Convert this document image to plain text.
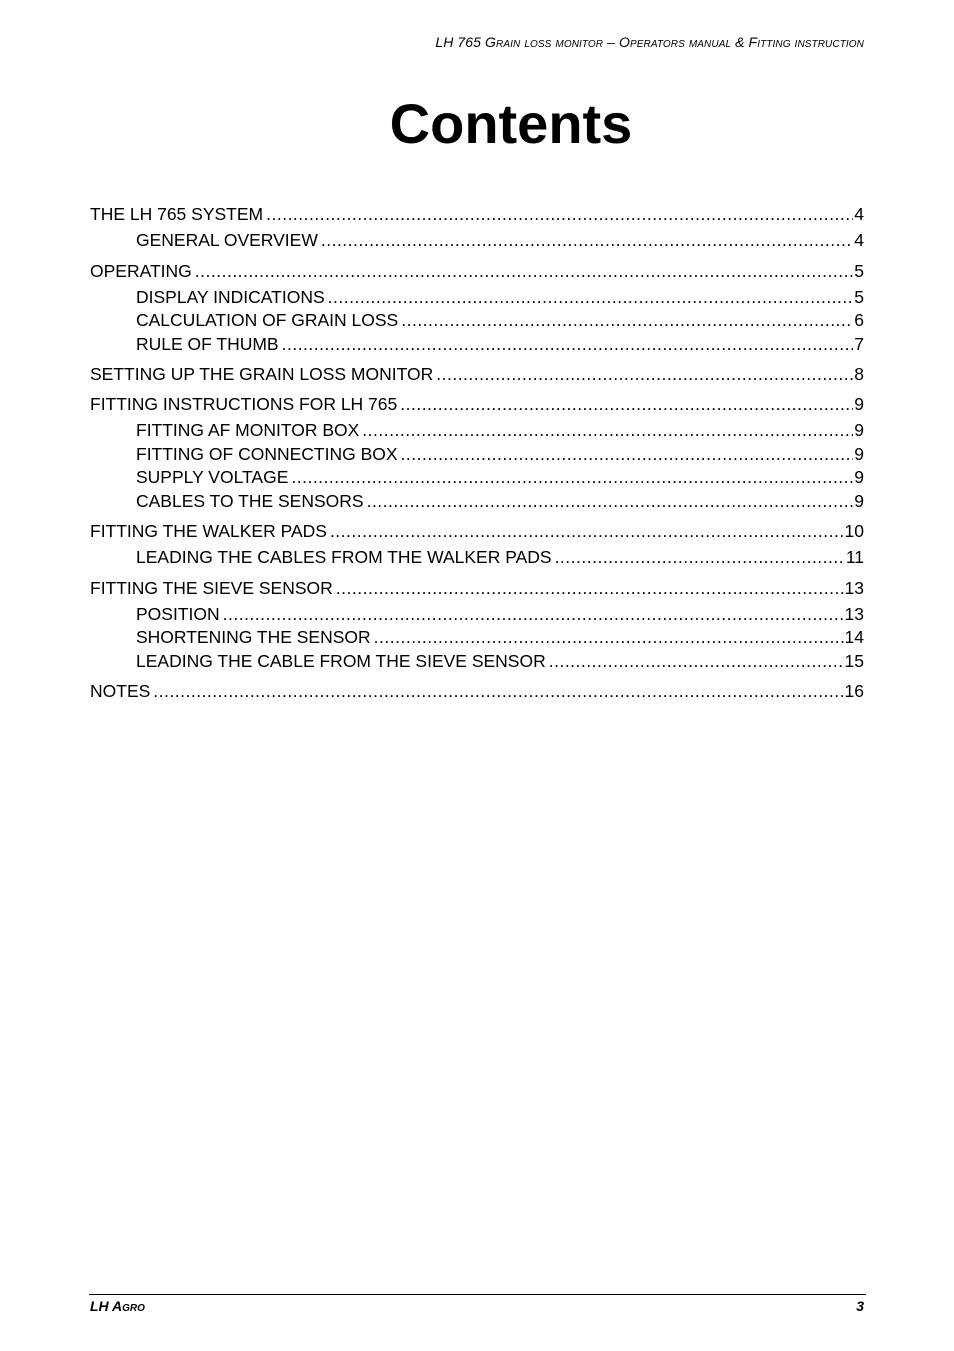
LH 765 Grain loss monitor – Operators manual & Fitting instruction
Contents
THE LH 765 SYSTEM .....	4
GENERAL OVERVIEW .....	4
OPERATING .....	5
DISPLAY INDICATIONS .....	5
CALCULATION OF GRAIN LOSS .....	6
RULE OF THUMB .....	7
SETTING UP THE GRAIN LOSS MONITOR .....	8
FITTING INSTRUCTIONS FOR LH 765 .....	9
FITTING AF MONITOR BOX .....	9
FITTING OF CONNECTING BOX .....	9
SUPPLY VOLTAGE .....	9
CABLES TO THE SENSORS .....	9
FITTING THE WALKER PADS .....	10
LEADING THE CABLES FROM THE WALKER PADS .....	11
FITTING THE SIEVE SENSOR .....	13
POSITION .....	13
SHORTENING THE SENSOR .....	14
LEADING THE CABLE FROM THE SIEVE SENSOR .....	15
NOTES .....	16
LH Agro	3
